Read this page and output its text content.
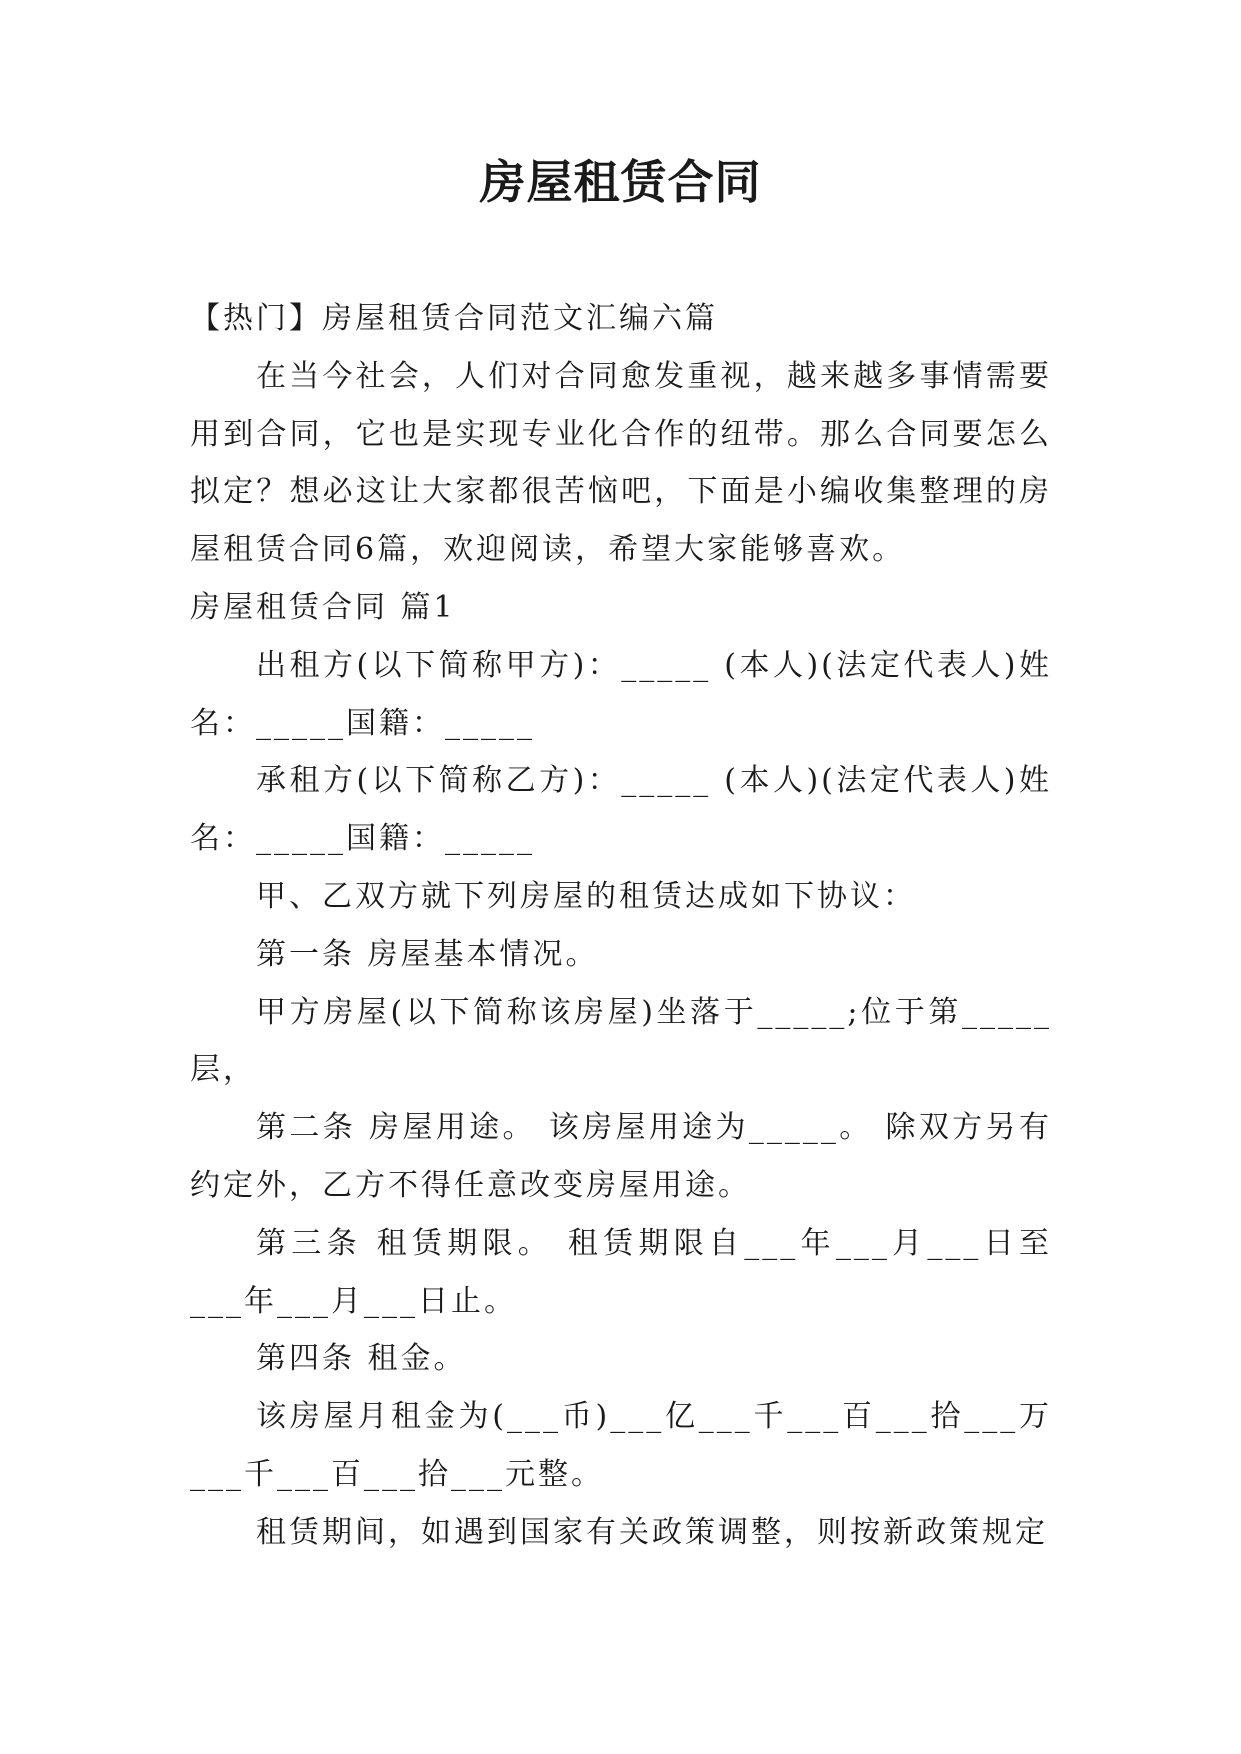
房屋租赁合同

【热门】房屋租赁合同范文汇编六篇

在当今社会，人们对合同愈发重视，越来越多事情需要用到合同，它也是实现专业化合作的纽带。那么合同要怎么拟定？想必这让大家都很苦恼吧，下面是小编收集整理的房屋租赁合同6篇，欢迎阅读，希望大家能够喜欢。

房屋租赁合同 篇1

出租方(以下简称甲方)：_____ (本人)(法定代表人)姓名：_____国籍：_____

承租方(以下简称乙方)：_____ (本人)(法定代表人)姓名：_____国籍：_____

甲、乙双方就下列房屋的租赁达成如下协议：

第一条 房屋基本情况。

甲方房屋(以下简称该房屋)坐落于_____;位于第_____层，

第二条 房屋用途。 该房屋用途为_____。 除双方另有约定外，乙方不得任意改变房屋用途。

第三条 租赁期限。 租赁期限自___年___月___日至___年___月___日止。

第四条 租金。

该房屋月租金为(___币)___亿___千___百___拾___万___千___百___拾___元整。

租赁期间，如遇到国家有关政策调整，则按新政策规定
